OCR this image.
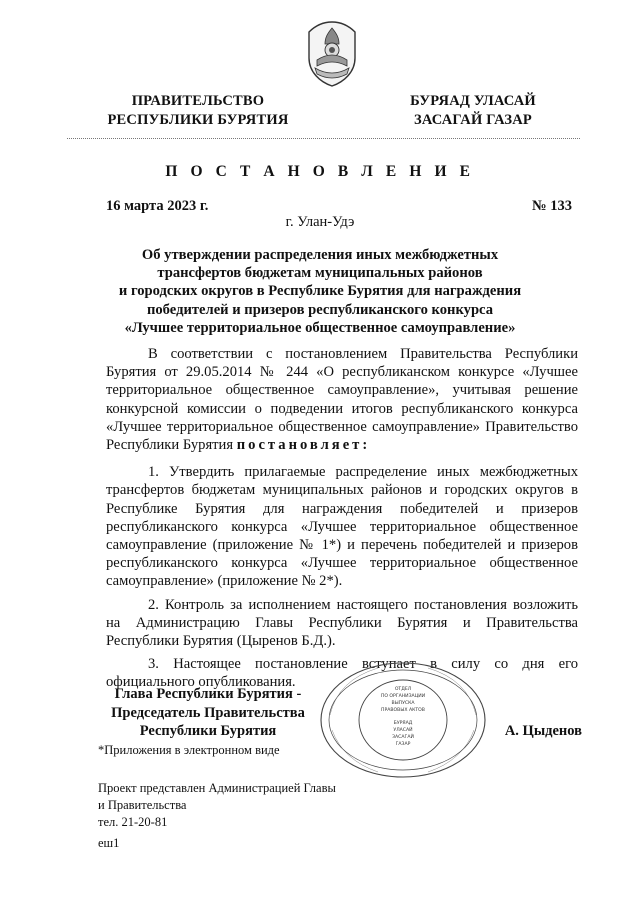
ПРАВИТЕЛЬСТВО
РЕСПУБЛИКИ БУРЯТИЯ
БУРЯАД УЛАСАЙ
ЗАСАГАЙ ГАЗАР
П О С Т А Н О В Л Е Н И Е
16 марта 2023 г.	№ 133
г. Улан-Удэ
Об утверждении распределения иных межбюджетных
трансфертов бюджетам муниципальных районов
и городских округов в Республике Бурятия для награждения
победителей и призеров республиканского конкурса
«Лучшее территориальное общественное самоуправление»

В соответствии с постановлением Правительства Республики Бурятия от 29.05.2014 № 244 «О республиканском конкурсе «Лучшее территориальное общественное самоуправление», учитывая решение конкурсной комиссии о подведении итогов республиканского конкурса «Лучшее территориальное общественное самоуправление» Правительство Республики Бурятия постановляет:

1. Утвердить прилагаемые распределение иных межбюджетных трансфертов бюджетам муниципальных районов и городских округов в Республике Бурятия для награждения победителей и призеров республиканского конкурса «Лучшее территориальное общественное самоуправление (приложение № 1*) и перечень победителей и призеров республиканского конкурса «Лучшее территориальное общественное самоуправление» (приложение № 2*).

2. Контроль за исполнением настоящего постановления возложить на Администрацию Главы Республики Бурятия и Правительства Республики Бурятия (Цыренов Б.Д.).

3. Настоящее постановление вступает в силу со дня его официального опубликования.

Глава Республики Бурятия -
Председатель Правительства
Республики Бурятия	А. Цыденов
ОТДЕЛ
ПО ОРГАНИЗАЦИИ
ВЫПУСКА
ПРАВОВЫХ АКТОВ
БУРЯАД
УЛАСАЙ
ЗАСАГАЙ
ГАЗАР
*Приложения в электронном виде
Проект представлен Администрацией Главы
и Правительства
тел. 21-20-81
еш1
